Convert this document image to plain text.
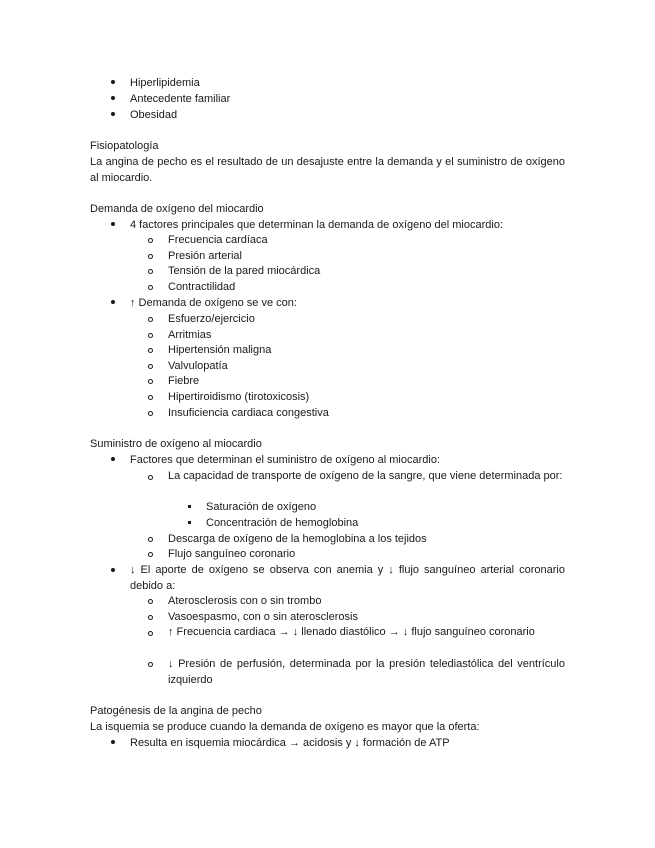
Hiperlipidemia
Antecedente familiar
Obesidad
Fisiopatología
La angina de pecho es el resultado de un desajuste entre la demanda y el suministro de oxígeno al miocardio.
Demanda de oxígeno del miocardio
4 factores principales que determinan la demanda de oxígeno del miocardio:
Frecuencia cardíaca
Presión arterial
Tensión de la pared miocárdica
Contractilidad
↑ Demanda de oxígeno se ve con:
Esfuerzo/ejercicio
Arritmias
Hipertensión maligna
Valvulopatía
Fiebre
Hipertiroidismo (tirotoxicosis)
Insuficiencia cardiaca congestiva
Suministro de oxígeno al miocardio
Factores que determinan el suministro de oxígeno al miocardio:
La capacidad de transporte de oxígeno de la sangre, que viene determinada por:
Saturación de oxígeno
Concentración de hemoglobina
Descarga de oxígeno de la hemoglobina a los tejidos
Flujo sanguíneo coronario
↓ El aporte de oxígeno se observa con anemia y ↓ flujo sanguíneo arterial coronario debido a:
Aterosclerosis con o sin trombo
Vasoespasmo, con o sin aterosclerosis
↑ Frecuencia cardiaca → ↓ llenado diastólico → ↓ flujo sanguíneo coronario
↓ Presión de perfusión, determinada por la presión telediastólica del ventrículo izquierdo
Patogénesis de la angina de pecho
La isquemia se produce cuando la demanda de oxígeno es mayor que la oferta:
Resulta en isquemia miocárdica → acidosis y ↓ formación de ATP
